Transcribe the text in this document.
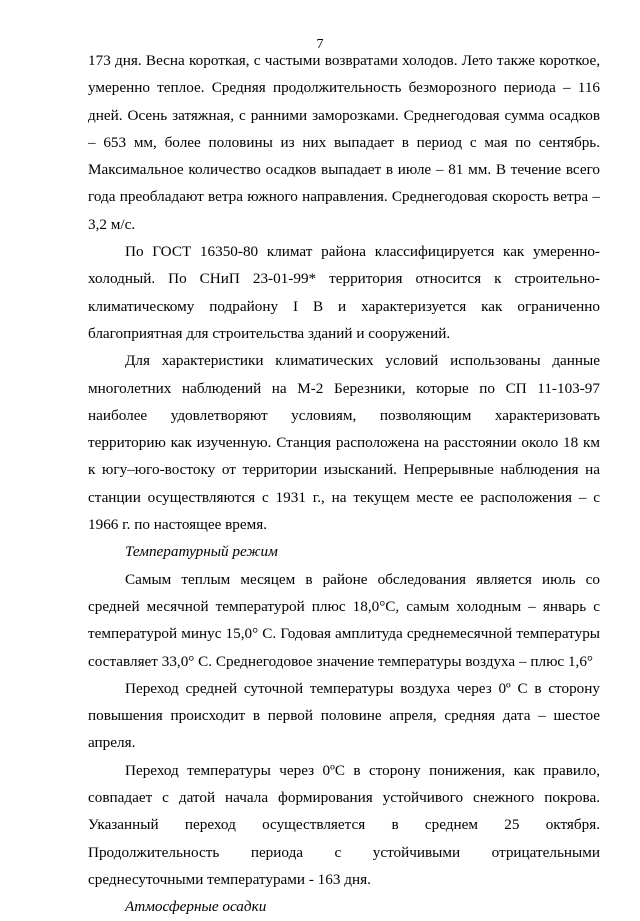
7

173 дня. Весна короткая, с частыми возвратами холодов. Лето также короткое, умеренно теплое. Средняя продолжительность безморозного периода – 116 дней. Осень затяжная, с ранними заморозками. Среднегодовая сумма осадков – 653 мм, более половины из них выпадает в период с мая по сентябрь. Максимальное количество осадков выпадает в июле – 81 мм. В течение всего года преобладают ветра южного направления. Среднегодовая скорость ветра – 3,2 м/с.

По ГОСТ 16350-80 климат района классифицируется как умеренно- холодный. По СНиП 23-01-99* территория относится к строительно- климатическому подрайону I В и характеризуется как ограниченно благоприятная для строительства зданий и сооружений.

Для характеристики климатических условий использованы данные многолетних наблюдений на М-2 Березники, которые по СП 11-103-97 наиболее удовлетворяют условиям, позволяющим характеризовать территорию как изученную. Станция расположена на расстоянии около 18 км к югу–юго-востоку от территории изысканий. Непрерывные наблюдения на станции осуществляются с 1931 г., на текущем месте ее расположения – с 1966 г. по настоящее время.

Температурный режим

Самым теплым месяцем в районе обследования является июль со средней месячной температурой плюс 18,0°С, самым холодным – январь с температурой минус 15,0° С. Годовая амплитуда среднемесячной температуры составляет 33,0° С. Среднегодовое значение температуры воздуха – плюс 1,6°

Переход средней суточной температуры воздуха через 0º С в сторону повышения происходит в первой половине апреля, средняя дата – шестое апреля.

Переход температуры через 0ºС в сторону понижения, как правило, совпадает с датой начала формирования устойчивого снежного покрова. Указанный переход осуществляется в среднем 25 октября. Продолжительность периода с устойчивыми отрицательными среднесуточными температурами - 163 дня.

Атмосферные осадки
